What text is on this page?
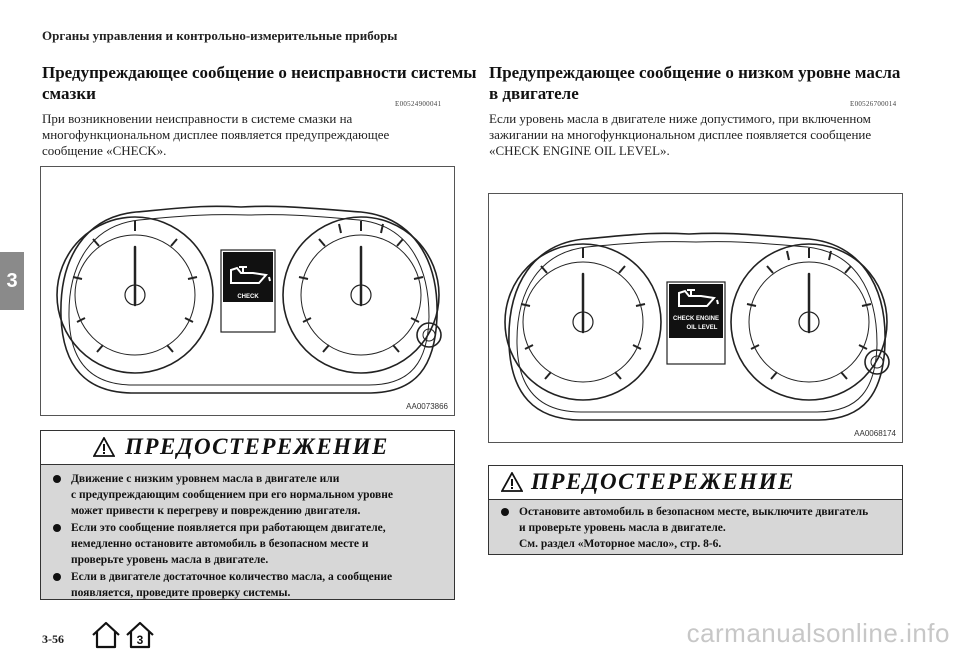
Органы управления и контрольно-измерительные приборы
3
Предупреждающее сообщение о неисправности системы
смазки
E00524900041
При возникновении неисправности в системе смазки на
многофункциональном дисплее появляется предупреждающее
сообщение «CHECK».
CHECK
AA0073866
ПРЕДОСТЕРЕЖЕНИЕ
Движение с низким уровнем масла в двигателе или
с предупреждающим сообщением при его нормальном уровне
может привести к перегреву и повреждению двигателя.
Если это сообщение появляется при работающем двигателе,
немедленно остановите автомобиль в безопасном месте и
проверьте уровень масла в двигателе.
Если в двигателе достаточное количество масла, а сообщение
появляется, проведите проверку системы.
Предупреждающее сообщение о низком уровне масла
в двигателе
E00526700014
Если уровень масла в двигателе ниже допустимого, при включенном
зажигании на многофункциональном дисплее появляется сообщение
«CHECK ENGINE OIL LEVEL».
CHECK ENGINE
OIL LEVEL
AA0068174
ПРЕДОСТЕРЕЖЕНИЕ
Остановите автомобиль в безопасном месте, выключите двигатель
и проверьте уровень масла в двигателе.
См. раздел «Моторное масло», стр. 8-6.
3-56	3	carmanualsonline.info
